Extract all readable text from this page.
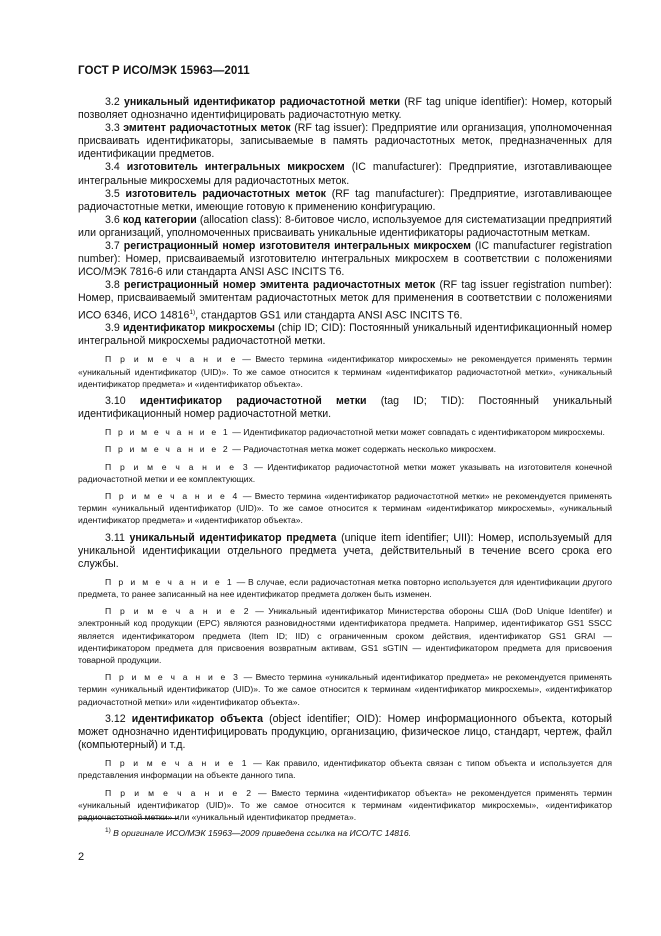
ГОСТ Р ИСО/МЭК 15963—2011

3.2 уникальный идентификатор радиочастотной метки (RF tag unique identifier): Номер, который позволяет однозначно идентифицировать радиочастотную метку.

3.3 эмитент радиочастотных меток (RF tag issuer): Предприятие или организация, уполномоченная присваивать идентификаторы, записываемые в память радиочастотных меток, предназначенных для идентификации предметов.

3.4 изготовитель интегральных микросхем (IC manufacturer): Предприятие, изготавливающее интегральные микросхемы для радиочастотных меток.

3.5 изготовитель радиочастотных меток (RF tag manufacturer): Предприятие, изготавливающее радиочастотные метки, имеющие готовую к применению конфигурацию.

3.6 код категории (allocation class): 8-битовое число, используемое для систематизации предприятий или организаций, уполномоченных присваивать уникальные идентификаторы радиочастотным меткам.

3.7 регистрационный номер изготовителя интегральных микросхем (IC manufacturer registration number): Номер, присваиваемый изготовителю интегральных микросхем в соответствии с положениями ИСО/МЭК 7816-6 или стандарта ANSI ASC INCITS T6.

3.8 регистрационный номер эмитента радиочастотных меток (RF tag issuer registration number): Номер, присваиваемый эмитентам радиочастотных меток для применения в соответствии с положениями ИСО 6346, ИСО 14816$^{1)}$, стандартов GS1 или стандарта ANSI ASC INCITS T6.

3.9 идентификатор микросхемы (chip ID; CID): Постоянный уникальный идентификационный номер интегральной микросхемы радиочастотной метки.

П р и м е ч а н и е — Вместо термина «идентификатор микросхемы» не рекомендуется применять термин «уникальный идентификатор (UID)». То же самое относится к терминам «идентификатор радиочастотной метки», «уникальный идентификатор предмета» и «идентификатор объекта».

3.10 идентификатор радиочастотной метки (tag ID; TID): Постоянный уникальный идентификационный номер радиочастотной метки.

П р и м е ч а н и е 1 — Идентификатор радиочастотной метки может совпадать с идентификатором микросхемы.

П р и м е ч а н и е 2 — Радиочастотная метка может содержать несколько микросхем.

П р и м е ч а н и е 3 — Идентификатор радиочастотной метки может указывать на изготовителя конечной радиочастотной метки и ее комплектующих.

П р и м е ч а н и е 4 — Вместо термина «идентификатор радиочастотной метки» не рекомендуется применять термин «уникальный идентификатор (UID)». То же самое относится к терминам «идентификатор микросхемы», «уникальный идентификатор предмета» и «идентификатор объекта».

3.11 уникальный идентификатор предмета (unique item identifier; UII): Номер, используемый для уникальной идентификации отдельного предмета учета, действительный в течение всего срока его службы.

П р и м е ч а н и е 1 — В случае, если радиочастотная метка повторно используется для идентификации другого предмета, то ранее записанный на нее идентификатор предмета должен быть изменен.

П р и м е ч а н и е 2 — Уникальный идентификатор Министерства обороны США (DoD Unique Identifer) и электронный код продукции (EPC) являются разновидностями идентификатора предмета. Например, идентификатор GS1 SSCC является идентификатором предмета (Item ID; IID) с ограниченным сроком действия, идентификатор GS1 GRAI — идентификатором предмета для присвоения возвратным активам, GS1 sGTIN — идентификатором предмета для присвоения товарной продукции.

П р и м е ч а н и е 3 — Вместо термина «уникальный идентификатор предмета» не рекомендуется применять термин «уникальный идентификатор (UID)». То же самое относится к терминам «идентификатор микросхемы», «идентификатор радиочастотной метки» или «идентификатор объекта».

3.12 идентификатор объекта (object identifier; OID): Номер информационного объекта, который может однозначно идентифицировать продукцию, организацию, физическое лицо, стандарт, чертеж, файл (компьютерный) и т.д.

П р и м е ч а н и е 1 — Как правило, идентификатор объекта связан с типом объекта и используется для представления информации на объекте данного типа.

П р и м е ч а н и е 2 — Вместо термина «идентификатор объекта» не рекомендуется применять термин «уникальный идентификатор (UID)». То же самое относится к терминам «идентификатор микросхемы», «идентификатор радиочастотной метки» или «уникальный идентификатор предмета».

$^{1)}$ В оригинале ИСО/МЭК 15963—2009 приведена ссылка на ИСО/ТС 14816.
2
